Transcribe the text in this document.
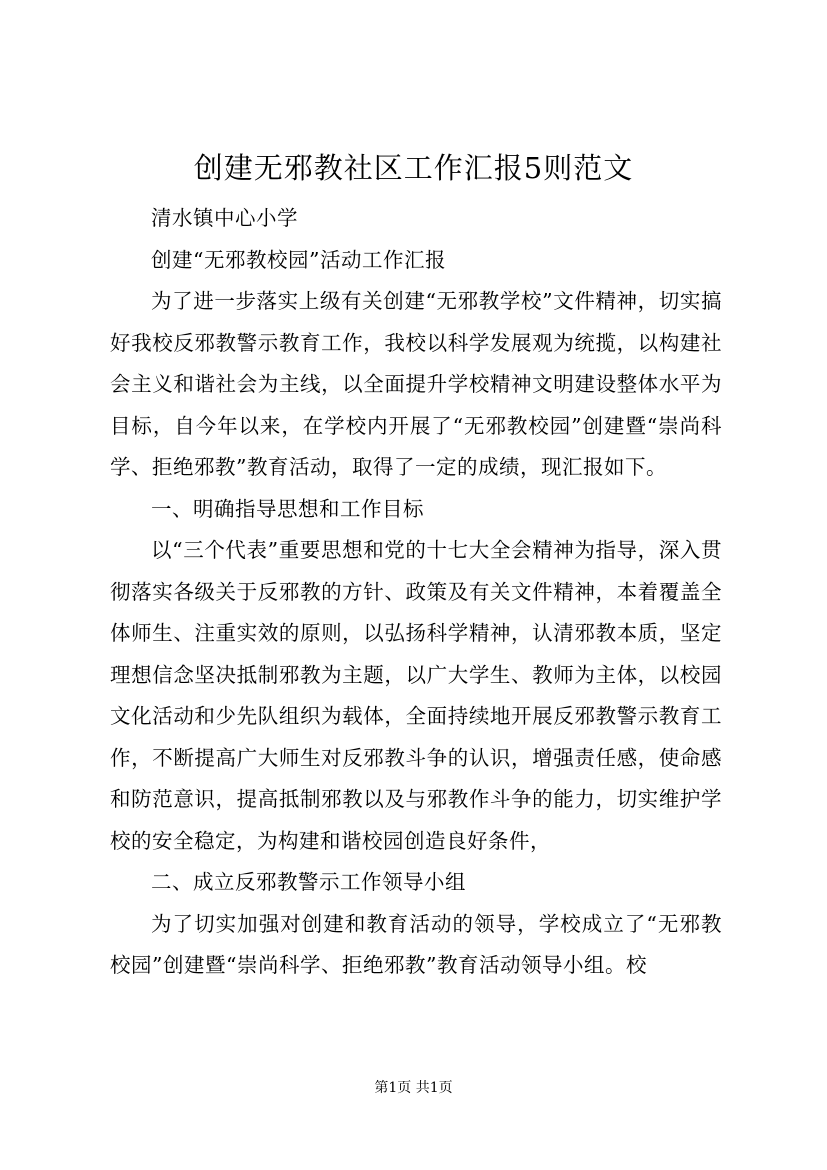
创建无邪教社区工作汇报5则范文

清水镇中心小学

创建“无邪教校园”活动工作汇报

为了进一步落实上级有关创建“无邪教学校”文件精神，切实搞好我校反邪教警示教育工作，我校以科学发展观为统揽，以构建社会主义和谐社会为主线，以全面提升学校精神文明建设整体水平为目标，自今年以来，在学校内开展了“无邪教校园”创建暨“崇尚科学、拒绝邪教”教育活动，取得了一定的成绩，现汇报如下。

一、明确指导思想和工作目标

以“三个代表”重要思想和党的十七大全会精神为指导，深入贯彻落实各级关于反邪教的方针、政策及有关文件精神，本着覆盖全体师生、注重实效的原则，以弘扬科学精神，认清邪教本质，坚定理想信念坚决抵制邪教为主题，以广大学生、教师为主体，以校园文化活动和少先队组织为载体，全面持续地开展反邪教警示教育工作，不断提高广大师生对反邪教斗争的认识，增强责任感，使命感和防范意识，提高抵制邪教以及与邪教作斗争的能力，切实维护学校的安全稳定，为构建和谐校园创造良好条件，

二、成立反邪教警示工作领导小组

为了切实加强对创建和教育活动的领导，学校成立了“无邪教校园”创建暨“崇尚科学、拒绝邪教”教育活动领导小组。校

第1页 共1页
